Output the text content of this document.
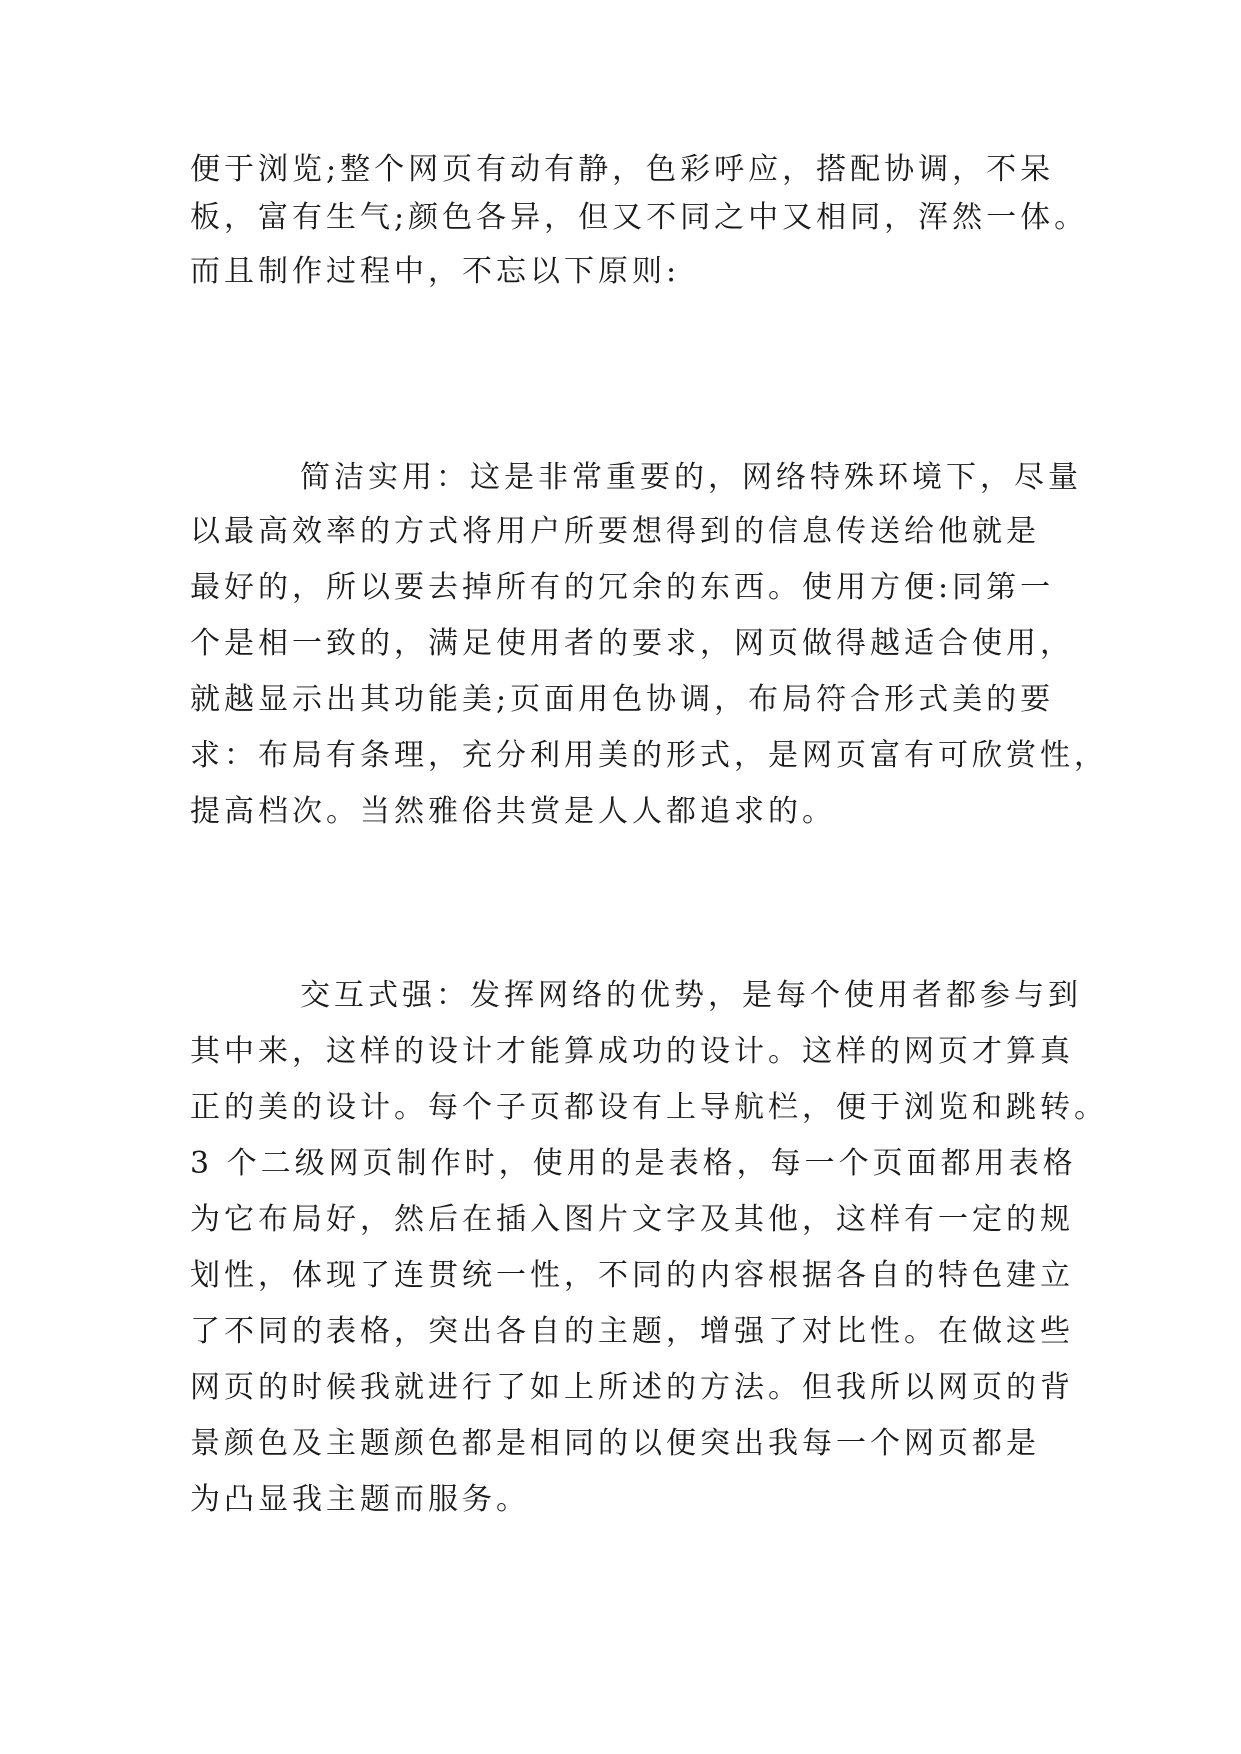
便于浏览;整个网页有动有静，色彩呼应，搭配协调，不呆
板，富有生气;颜色各异，但又不同之中又相同，浑然一体。
而且制作过程中，不忘以下原则:
简洁实用：这是非常重要的，网络特殊环境下，尽量
以最高效率的方式将用户所要想得到的信息传送给他就是
最好的，所以要去掉所有的冗余的东西。使用方便:同第一
个是相一致的，满足使用者的要求，网页做得越适合使用，
就越显示出其功能美;页面用色协调，布局符合形式美的要
求：布局有条理，充分利用美的形式，是网页富有可欣赏性，
提高档次。当然雅俗共赏是人人都追求的。
交互式强：发挥网络的优势，是每个使用者都参与到
其中来，这样的设计才能算成功的设计。这样的网页才算真
正的美的设计。每个子页都设有上导航栏，便于浏览和跳转。
3 个二级网页制作时，使用的是表格，每一个页面都用表格
为它布局好，然后在插入图片文字及其他，这样有一定的规
划性，体现了连贯统一性，不同的内容根据各自的特色建立
了不同的表格，突出各自的主题，增强了对比性。在做这些
网页的时候我就进行了如上所述的方法。但我所以网页的背
景颜色及主题颜色都是相同的以便突出我每一个网页都是
为凸显我主题而服务。
